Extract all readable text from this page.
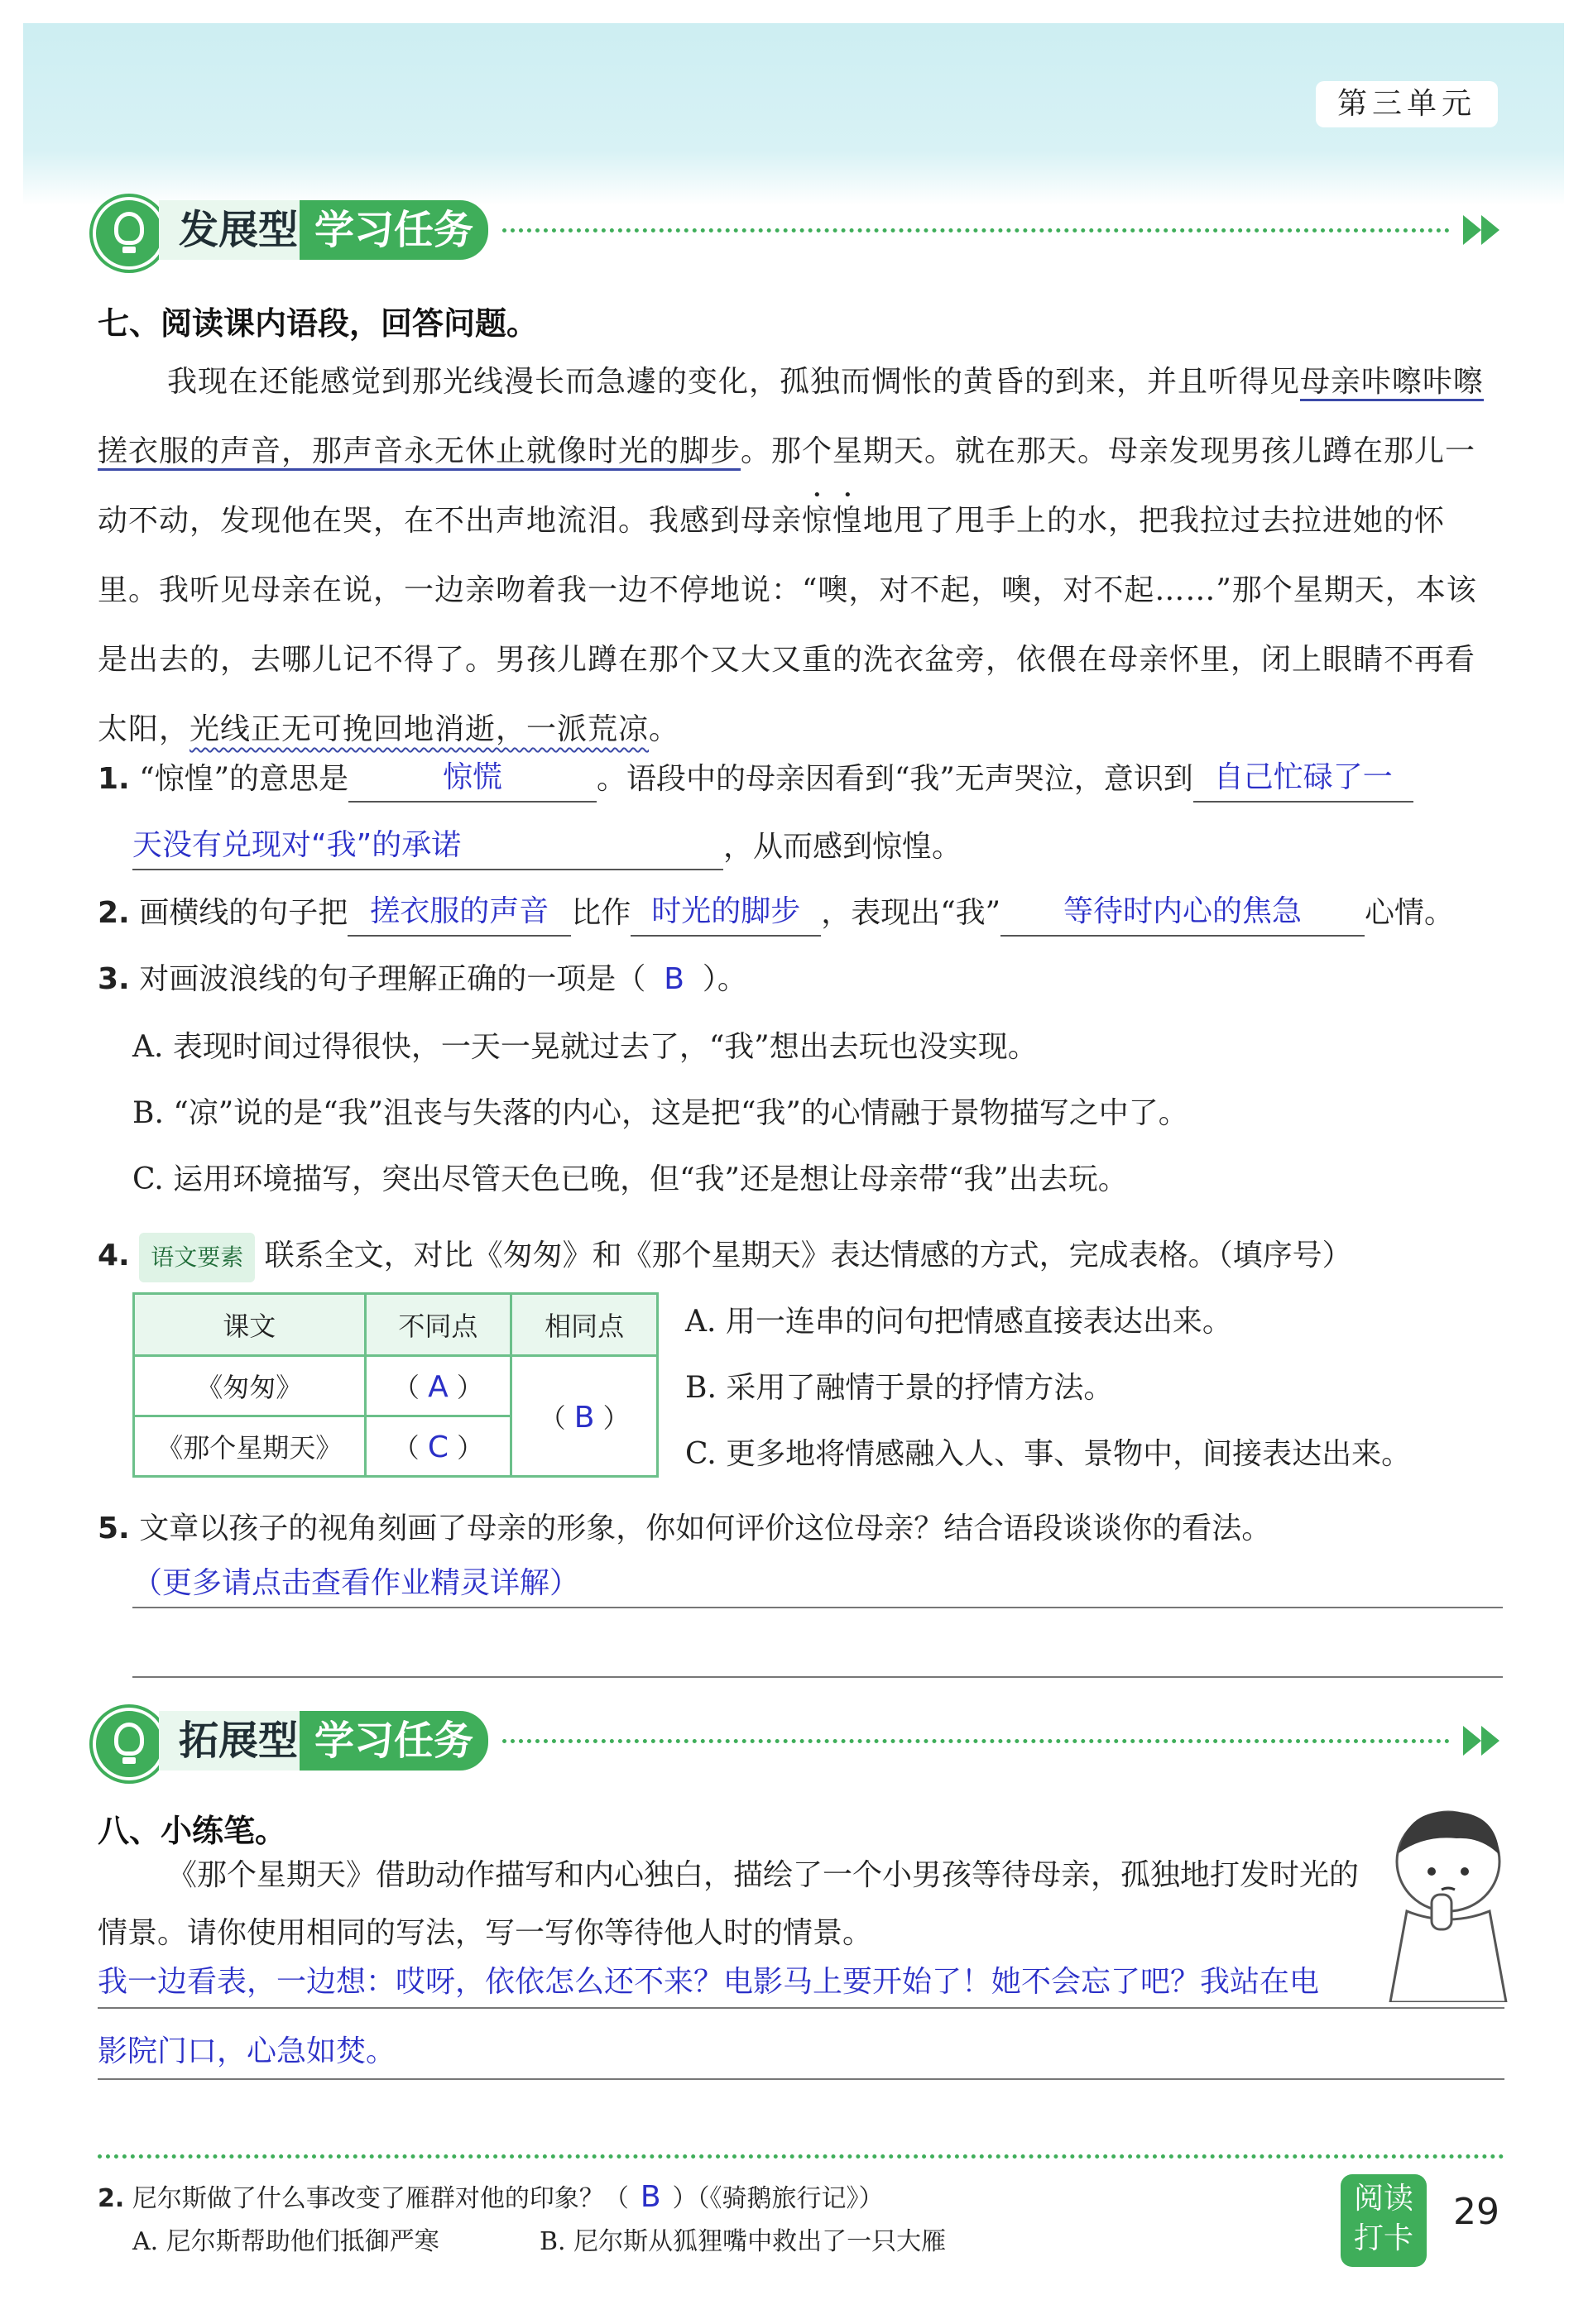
第三单元
发展型 学习任务
七、阅读课内语段，回答问题。

我现在还能感觉到那光线漫长而急遽的变化，孤独而惆怅的黄昏的到来，并且听得见母亲咔嚓咔嚓搓衣服的声音，那声音永无休止就像时光的脚步。那个星期天。就在那天。母亲发现男孩儿蹲在那儿一动不动，发现他在哭，在不出声地流泪。我感到母亲惊惶地甩了甩手上的水，把我拉过去拉进她的怀里。我听见母亲在说，一边亲吻着我一边不停地说：“噢，对不起，噢，对不起……”那个星期天，本该是出去的，去哪儿记不得了。男孩儿蹲在那个又大又重的洗衣盆旁，依偎在母亲怀里，闭上眼睛不再看太阳，光线正无可挽回地消逝，一派荒凉。

1. “惊惶”的意思是	惊慌	。语段中的母亲因看到“我”无声哭泣，意识到 自己忙碌了一
天没有兑现对“我”的承诺	，从而感到惊惶。
2. 画横线的句子把 搓衣服的声音 比作 时光的脚步 ，表现出“我” 等待时内心的焦急 心情。
3. 对画波浪线的句子理解正确的一项是（ B ）。
A. 表现时间过得很快，一天一晃就过去了，“我”想出去玩也没实现。
B. “凉”说的是“我”沮丧与失落的内心，这是把“我”的心情融于景物描写之中了。
C. 运用环境描写，突出尽管天色已晚，但“我”还是想让母亲带“我”出去玩。
4. 语文要素 联系全文，对比《匆匆》和《那个星期天》表达情感的方式，完成表格。（填序号）
课文	不同点	相同点
《匆匆》	（ A ）	（ B ）
《那个星期天》	（ C ）	
A. 用一连串的问句把情感直接表达出来。
B. 采用了融情于景的抒情方法。
C. 更多地将情感融入人、事、景物中，间接表达出来。
5. 文章以孩子的视角刻画了母亲的形象，你如何评价这位母亲？结合语段谈谈你的看法。
（更多请点击查看作业精灵详解）
拓展型 学习任务
八、小练笔。
《那个星期天》借助动作描写和内心独白，描绘了一个小男孩等待母亲，孤独地打发时光的情景。请你使用相同的写法，写一写你等待他人时的情景。
我一边看表，一边想：哎呀，依依怎么还不来？电影马上要开始了！她不会忘了吧？我站在电
影院门口，心急如焚。
2. 尼尔斯做了什么事改变了雁群对他的印象？（ B ）（《骑鹅旅行记》）
A. 尼尔斯帮助他们抵御严寒	B. 尼尔斯从狐狸嘴中救出了一只大雁
阅读
打卡
29
